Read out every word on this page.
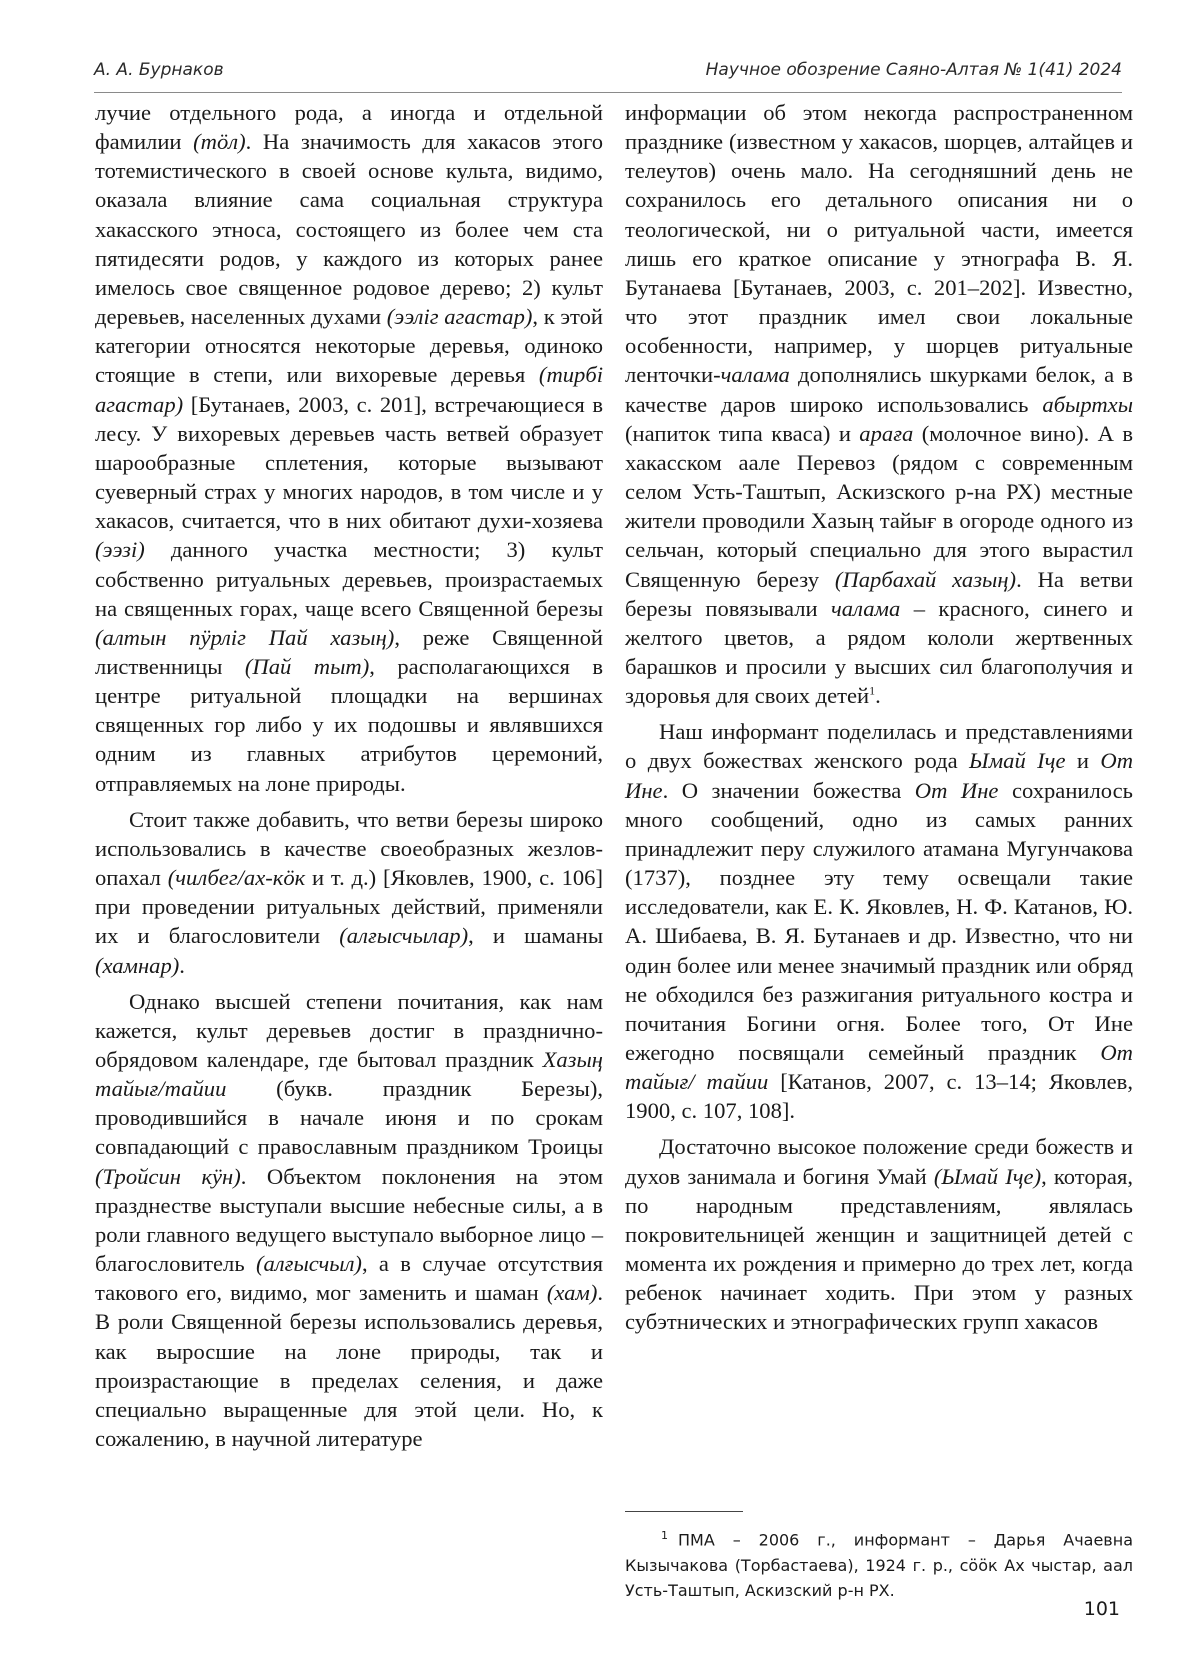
А. А. Бурнаков	Научное обозрение Саяно-Алтая № 1(41) 2024

лучие отдельного рода, а иногда и отдельной фамилии (тöл). На значимость для хакасов этого тотемистического в своей основе культа, видимо, оказала влияние сама социальная структура хакасского этноса, состоящего из более чем ста пятидесяти родов, у каждого из которых ранее имелось свое священное родовое дерево; 2) культ деревьев, населенных духами (ээлiг агастар), к этой категории относятся некоторые деревья, одиноко стоящие в степи, или вихоревые деревья (тирбi агастар) [Бутанаев, 2003, с. 201], встречающиеся в лесу. У вихоревых деревьев часть ветвей образует шарообразные сплетения, которые вызывают суеверный страх у многих народов, в том числе и у хакасов, считается, что в них обитают духи-хозяева (ээзi) данного участка местности; 3) культ собственно ритуальных деревьев, произрастаемых на священных горах, чаще всего Священной березы (алтын пӱрлiг Пай хазың), реже Священной лиственницы (Пай тыт), располагающихся в центре ритуальной площадки на вершинах священных гор либо у их подошвы и являвшихся одним из главных атрибутов церемоний, отправляемых на лоне природы.

Стоит также добавить, что ветви березы широко использовались в качестве своеобразных жезлов-опахал (чилбег/ах-кӧк и т. д.) [Яковлев, 1900, с. 106] при проведении ритуальных действий, применяли их и благословители (алғысчылар), и шаманы (хамнар).

Однако высшей степени почитания, как нам кажется, культ деревьев достиг в празднично-обрядовом календаре, где бытовал праздник Хазың тайығ/тайии (букв. праздник Березы), проводившийся в начале июня и по срокам совпадающий с православным праздником Троицы (Тройсин кӱн). Объектом поклонения на этом празднестве выступали высшие небесные силы, а в роли главного ведущего выступало выборное лицо – благословитель (алғысчыл), а в случае отсутствия такового его, видимо, мог заменить и шаман (хам). В роли Священной березы использовались деревья, как выросшие на лоне природы, так и произрастающие в пределах селения, и даже специально выращенные для этой цели. Но, к сожалению, в научной литературе

информации об этом некогда распространенном празднике (известном у хакасов, шорцев, алтайцев и телеутов) очень мало. На сегодняшний день не сохранилось его детального описания ни о теологической, ни о ритуальной части, имеется лишь его краткое описание у этнографа В. Я. Бутанаева [Бутанаев, 2003, с. 201–202]. Известно, что этот праздник имел свои локальные особенности, например, у шорцев ритуальные ленточки-чалама дополнялись шкурками белок, а в качестве даров широко использовались абыртхы (напиток типа кваса) и араға (молочное вино). А в хакасском аале Перевоз (рядом с современным селом Усть-Таштып, Аскизского р-на РХ) местные жители проводили Хазың тайығ в огороде одного из сельчан, который специально для этого вырастил Священную березу (Парбахай хазың). На ветви березы повязывали чалама – красного, синего и желтого цветов, а рядом кололи жертвенных барашков и просили у высших сил благополучия и здоровья для своих детей$^1$.

Наш информант поделилась и представлениями о двух божествах женского рода Ымай Iҷе и От Ине. О значении божества От Ине сохранилось много сообщений, одно из самых ранних принадлежит перу служилого атамана Мугунчакова (1737), позднее эту тему освещали такие исследователи, как Е. К. Яковлев, Н. Ф. Катанов, Ю. А. Шибаева, В. Я. Бутанаев и др. Известно, что ни один более или менее значимый праздник или обряд не обходился без разжигания ритуального костра и почитания Богини огня. Более того, От Ине ежегодно посвящали семейный праздник От тайығ/ тайии [Катанов, 2007, с. 13–14; Яковлев, 1900, с. 107, 108].

Достаточно высокое положение среди божеств и духов занимала и богиня Умай (Ымай Iҷе), которая, по народным представлениям, являлась покровительницей женщин и защитницей детей с момента их рождения и примерно до трех лет, когда ребенок начинает ходить. При этом у разных субэтнических и этнографических групп хакасов

$^1$ ПМА – 2006 г., информант – Дарья Ачаевна Кызычакова (Торбастаева), 1924 г. р., сӧӧк Ах чыстар, аал Усть-Таштып, Аскизский р-н РХ.
101
